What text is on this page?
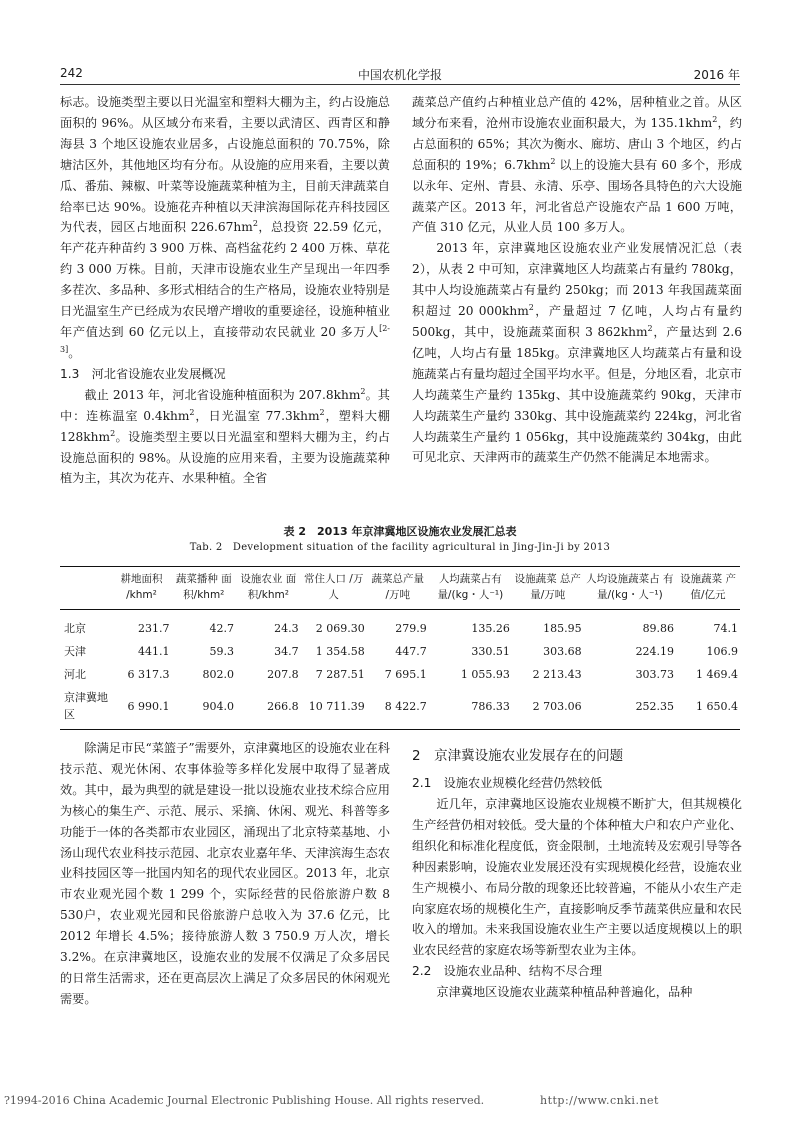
242	中国农机化学报	2016 年

标志。设施类型主要以日光温室和塑料大棚为主，约占设施总面积的 96%。从区域分布来看，主要以武清区、西青区和静海县 3 个地区设施农业居多，占设施总面积的 70.75%，除塘沽区外，其他地区均有分布。从设施的应用来看，主要以黄瓜、番茄、辣椒、叶菜等设施蔬菜种植为主，目前天津蔬菜自给率已达 90%。设施花卉种植以天津滨海国际花卉科技园区为代表，园区占地面积 $226.67hm^2$，总投资 22.59 亿元，年产花卉种苗约 3 900 万株、高档盆花约 2 400 万株、草花约 3 000 万株。目前，天津市设施农业生产呈现出一年四季多茬次、多品种、多形式相结合的生产格局，设施农业特别是日光温室生产已经成为农民增产增收的重要途径，设施种植业年产值达到 60 亿元以上，直接带动农民就业 20 多万人[2-3]。

1.3　河北省设施农业发展概况

截止 2013 年，河北省设施种植面积为 207.8khm$^2$。其中：连栋温室 0.4khm$^2$，日光温室 77.3khm$^2$，塑料大棚 128khm$^2$。设施类型主要以日光温室和塑料大棚为主，约占设施总面积的 98%。从设施的应用来看，主要为设施蔬菜种植为主，其次为花卉、水果种植。全省

蔬菜总产值约占种植业总产值的 42%，居种植业之首。从区域分布来看，沧州市设施农业面积最大，为 135.1khm$^2$，约占总面积的 65%；其次为衡水、廊坊、唐山 3 个地区，约占总面积的 19%；6.7khm$^2$ 以上的设施大县有 60 多个，形成以永年、定州、青县、永清、乐亭、围场各具特色的六大设施蔬菜产区。2013 年，河北省总产设施农产品 1 600 万吨，产值 310 亿元，从业人员 100 多万人。

2013 年，京津冀地区设施农业产业发展情况汇总（表 2），从表 2 中可知，京津冀地区人均蔬菜占有量约 780kg，其中人均设施蔬菜占有量约 250kg；而 2013 年我国蔬菜面积超过 20 000khm$^2$，产量超过 7 亿吨，人均占有量约 500kg，其中，设施蔬菜面积 3 862khm$^2$，产量达到 2.6 亿吨，人均占有量 185kg。京津冀地区人均蔬菜占有量和设施蔬菜占有量均超过全国平均水平。但是，分地区看，北京市人均蔬菜生产量约 135kg、其中设施蔬菜约 90kg，天津市人均蔬菜生产量约 330kg、其中设施蔬菜约 224kg，河北省人均蔬菜生产量约 1 056kg，其中设施蔬菜约 304kg，由此可见北京、天津两市的蔬菜生产仍然不能满足本地需求。

表 2　2013 年京津冀地区设施农业发展汇总表
Tab. 2　Development situation of the facility agricultural in Jing-Jin-Ji by 2013
	耕地面积 /khm²	蔬菜播种 面积/khm²	设施农业 面积/khm²	常住人口 /万人	蔬菜总产量 /万吨	人均蔬菜占有 量/(kg・人⁻¹)	设施蔬菜 总产量/万吨	人均设施蔬菜占 有量/(kg・人⁻¹)	设施蔬菜 产值/亿元
北京	231.7	42.7	24.3	2 069.30	279.9	135.26	185.95	89.86	74.1
天津	441.1	59.3	34.7	1 354.58	447.7	330.51	303.68	224.19	106.9
河北	6 317.3	802.0	207.8	7 287.51	7 695.1	1 055.93	2 213.43	303.73	1 469.4
京津冀地区	6 990.1	904.0	266.8	10 711.39	8 422.7	786.33	2 703.06	252.35	1 650.4

除满足市民“菜篮子”需要外，京津冀地区的设施农业在科技示范、观光休闲、农事体验等多样化发展中取得了显著成效。其中，最为典型的就是建设一批以设施农业技术综合应用为核心的集生产、示范、展示、采摘、休闲、观光、科普等多功能于一体的各类都市农业园区，涌现出了北京特菜基地、小汤山现代农业科技示范园、北京农业嘉年华、天津滨海生态农业科技园区等一批国内知名的现代农业园区。2013 年，北京市农业观光园个数 1 299 个，实际经营的民俗旅游户数 8 530户，农业观光园和民俗旅游户总收入为 37.6 亿元，比 2012 年增长 4.5%；接待旅游人数 3 750.9 万人次，增长 3.2%。在京津冀地区，设施农业的发展不仅满足了众多居民的日常生活需求，还在更高层次上满足了众多居民的休闲观光需要。

2　京津冀设施农业发展存在的问题
2.1　设施农业规模化经营仍然较低

近几年，京津冀地区设施农业规模不断扩大，但其规模化生产经营仍相对较低。受大量的个体种植大户和农户产业化、组织化和标准化程度低，资金限制，土地流转及宏观引导等各种因素影响，设施农业发展还没有实现规模化经营，设施农业生产规模小、布局分散的现象还比较普遍，不能从小农生产走向家庭农场的规模化生产，直接影响反季节蔬菜供应量和农民收入的增加。未来我国设施农业生产主要以适度规模以上的职业农民经营的家庭农场等新型农业为主体。

2.2　设施农业品种、结构不尽合理

京津冀地区设施农业蔬菜种植品种普遍化，品种

?1994-2016 China Academic Journal Electronic Publishing House. All rights reserved.	http://www.cnki.net
